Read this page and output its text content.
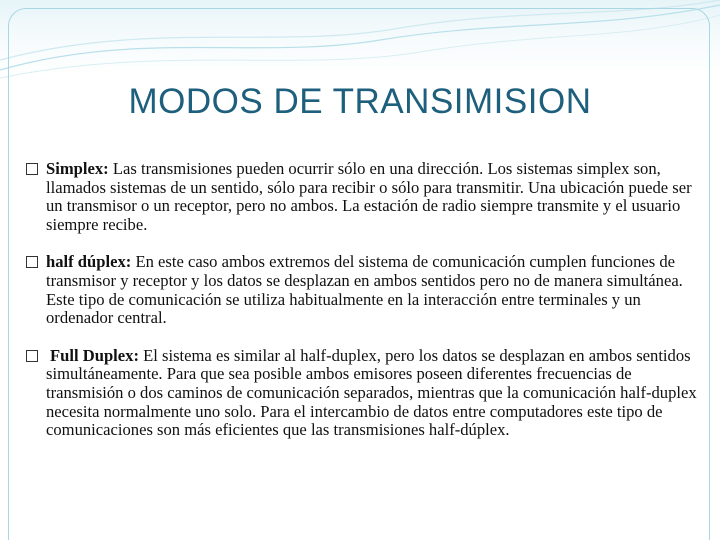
MODOS DE TRANSIMISION

Simplex: Las transmisiones pueden ocurrir sólo en una dirección. Los sistemas simplex son, llamados sistemas de un sentido, sólo para recibir o sólo para transmitir. Una ubicación puede ser un transmisor o un receptor, pero no ambos. La estación de radio siempre transmite y el usuario siempre recibe.

half dúplex: En este caso ambos extremos del sistema de comunicación cumplen funciones de transmisor y receptor y los datos se desplazan en ambos sentidos pero no de manera simultánea. Este tipo de comunicación se utiliza habitualmente en la interacción entre terminales y un ordenador central.

Full Duplex: El sistema es similar al half-duplex, pero los datos se desplazan en ambos sentidos simultáneamente. Para que sea posible ambos emisores poseen diferentes frecuencias de transmisión o dos caminos de comunicación separados, mientras que la comunicación half-duplex necesita normalmente uno solo. Para el intercambio de datos entre computadores este tipo de comunicaciones son más eficientes que las transmisiones half-dúplex.
